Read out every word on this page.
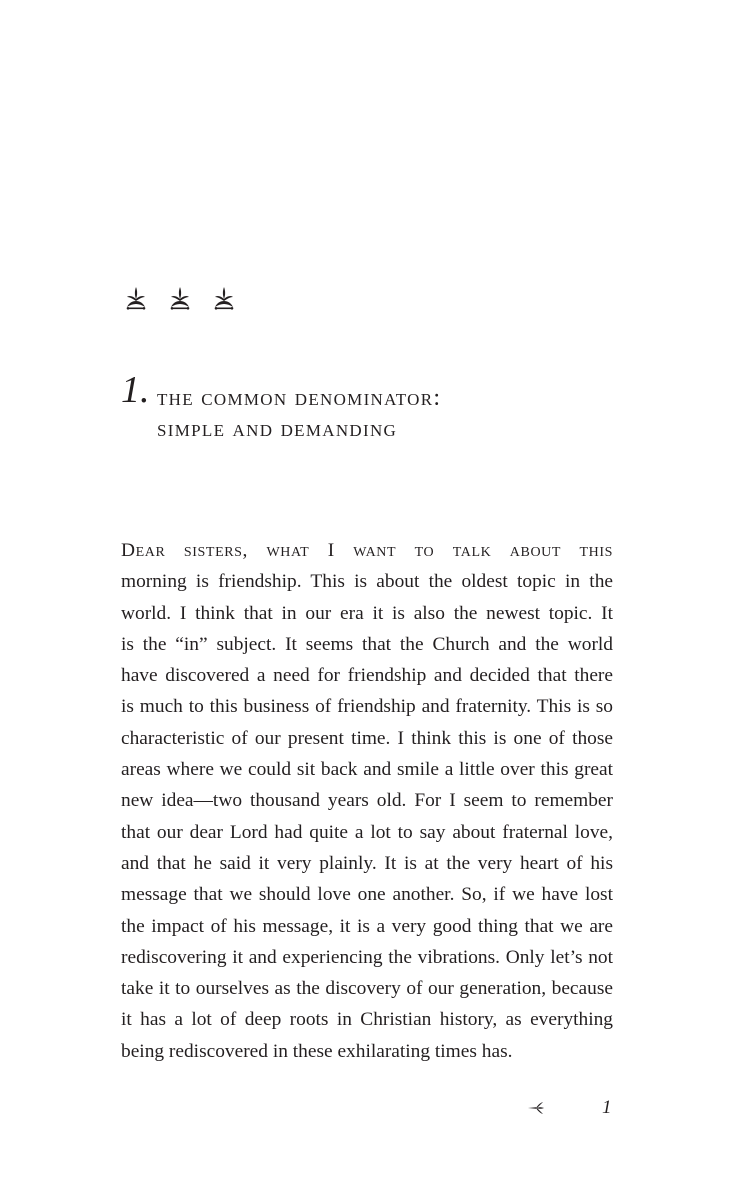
1. the common denominator:
simple and demanding
Dear sisters, what I want to talk about this
morning is friendship. This is about the oldest topic in the
world. I think that in our era it is also the newest topic. It
is the “in” subject. It seems that the Church and the world
have discovered a need for friendship and decided that there
is much to this business of friendship and fraternity. This is so
characteristic of our present time. I think this is one of those
areas where we could sit back and smile a little over this great
new idea—two thousand years old. For I seem to remember
that our dear Lord had quite a lot to say about fraternal love,
and that he said it very plainly. It is at the very heart of his
message that we should love one another. So, if we have lost
the impact of his message, it is a very good thing that we are
rediscovering it and experiencing the vibrations. Only let’s not
take it to ourselves as the discovery of our generation, because
it has a lot of deep roots in Christian history, as everything
being rediscovered in these exhilarating times has.
1
